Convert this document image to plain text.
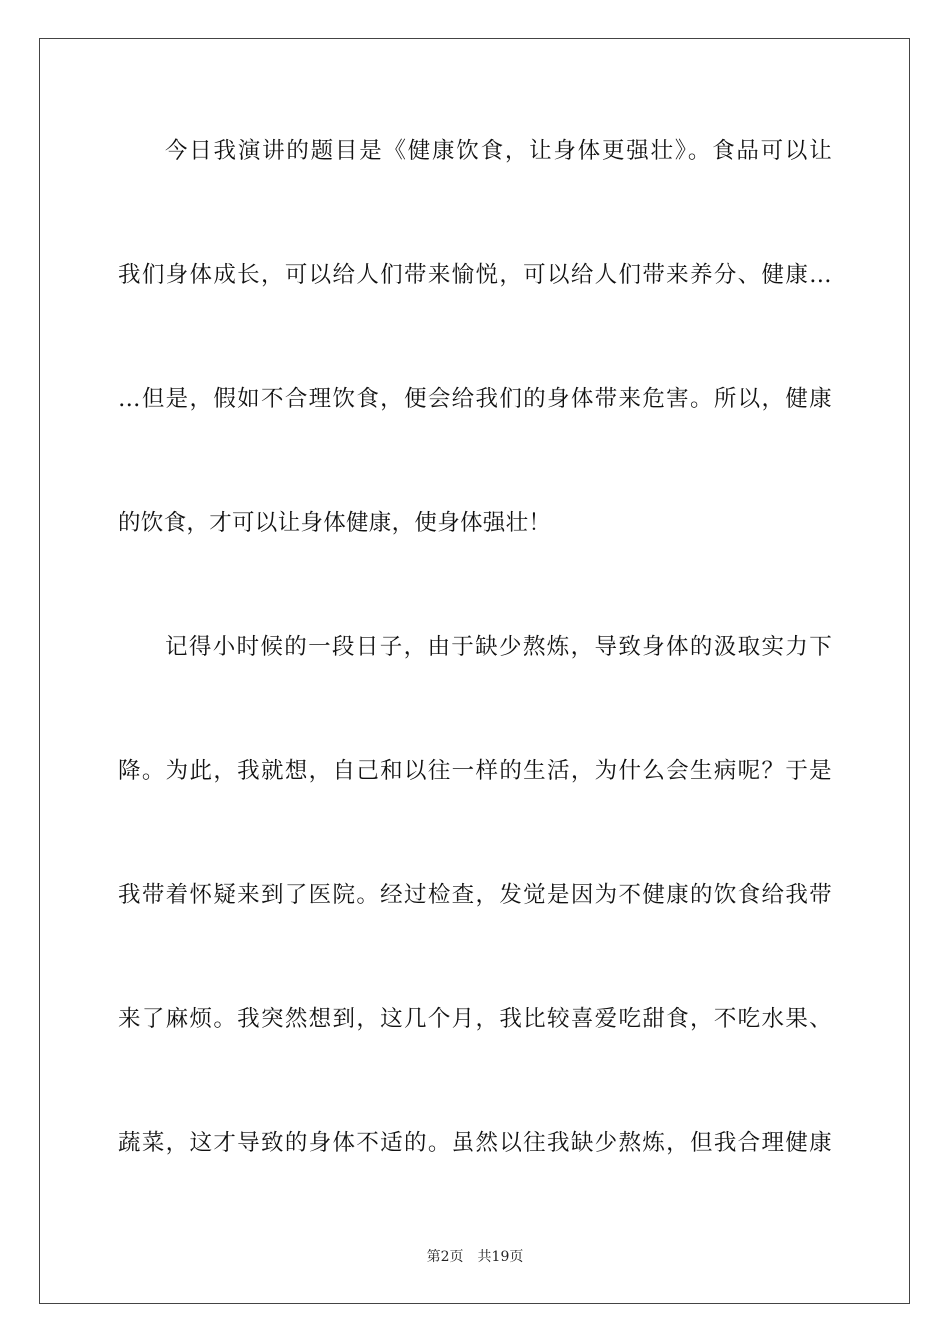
今日我演讲的题目是《健康饮食，让身体更强壮》。食品可以让
我们身体成长，可以给人们带来愉悦，可以给人们带来养分、健康…
…但是，假如不合理饮食，便会给我们的身体带来危害。所以，健康
的饮食，才可以让身体健康，使身体强壮！
记得小时候的一段日子，由于缺少熬炼，导致身体的汲取实力下
降。为此，我就想，自己和以往一样的生活，为什么会生病呢？于是
我带着怀疑来到了医院。经过检查，发觉是因为不健康的饮食给我带
来了麻烦。我突然想到，这几个月，我比较喜爱吃甜食，不吃水果、
蔬菜，这才导致的身体不适的。虽然以往我缺少熬炼，但我合理健康
第2页 共19页
